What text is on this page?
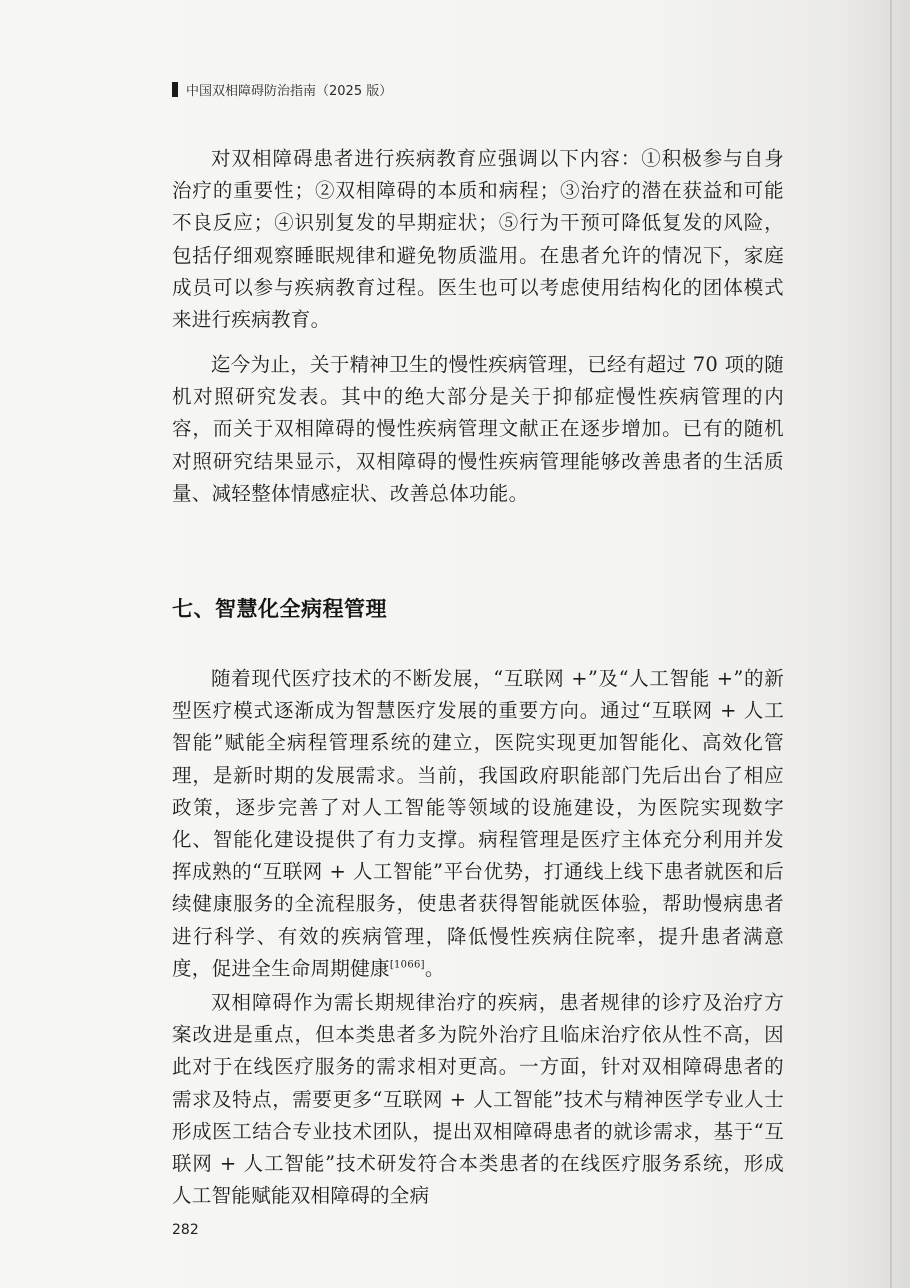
中国双相障碍防治指南（2025 版）

对双相障碍患者进行疾病教育应强调以下内容：①积极参与自身治疗的重要性；②双相障碍的本质和病程；③治疗的潜在获益和可能不良反应；④识别复发的早期症状；⑤行为干预可降低复发的风险，包括仔细观察睡眠规律和避免物质滥用。在患者允许的情况下，家庭成员可以参与疾病教育过程。医生也可以考虑使用结构化的团体模式来进行疾病教育。

迄今为止，关于精神卫生的慢性疾病管理，已经有超过 70 项的随机对照研究发表。其中的绝大部分是关于抑郁症慢性疾病管理的内容，而关于双相障碍的慢性疾病管理文献正在逐步增加。已有的随机对照研究结果显示，双相障碍的慢性疾病管理能够改善患者的生活质量、减轻整体情感症状、改善总体功能。

七、智慧化全病程管理

随着现代医疗技术的不断发展，“互联网 +”及“人工智能 +”的新型医疗模式逐渐成为智慧医疗发展的重要方向。通过“互联网 + 人工智能”赋能全病程管理系统的建立，医院实现更加智能化、高效化管理，是新时期的发展需求。当前，我国政府职能部门先后出台了相应政策，逐步完善了对人工智能等领域的设施建设，为医院实现数字化、智能化建设提供了有力支撑。病程管理是医疗主体充分利用并发挥成熟的“互联网 + 人工智能”平台优势，打通线上线下患者就医和后续健康服务的全流程服务，使患者获得智能就医体验，帮助慢病患者进行科学、有效的疾病管理，降低慢性疾病住院率，提升患者满意度，促进全生命周期健康[1066]。

双相障碍作为需长期规律治疗的疾病，患者规律的诊疗及治疗方案改进是重点，但本类患者多为院外治疗且临床治疗依从性不高，因此对于在线医疗服务的需求相对更高。一方面，针对双相障碍患者的需求及特点，需要更多“互联网 + 人工智能”技术与精神医学专业人士形成医工结合专业技术团队，提出双相障碍患者的就诊需求，基于“互联网 + 人工智能”技术研发符合本类患者的在线医疗服务系统，形成人工智能赋能双相障碍的全病

282
